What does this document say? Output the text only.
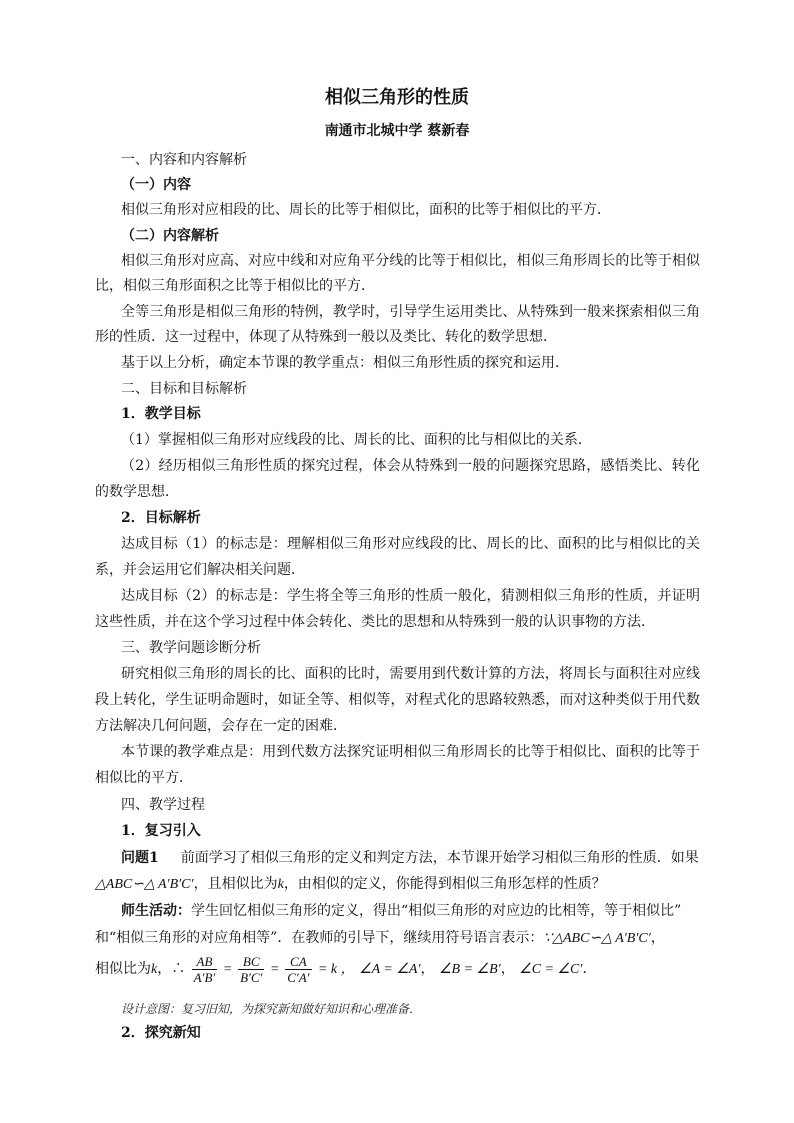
相似三角形的性质
南通市北城中学 蔡新春
一、内容和内容解析
（一）内容
相似三角形对应相段的比、周长的比等于相似比，面积的比等于相似比的平方．
（二）内容解析
相似三角形对应高、对应中线和对应角平分线的比等于相似比，相似三角形周长的比等于相似
比，相似三角形面积之比等于相似比的平方．
全等三角形是相似三角形的特例，教学时，引导学生运用类比、从特殊到一般来探索相似三角
形的性质．这一过程中，体现了从特殊到一般以及类比、转化的数学思想．
基于以上分析，确定本节课的教学重点：相似三角形性质的探究和运用．
二、目标和目标解析
1．教学目标
（1）掌握相似三角形对应线段的比、周长的比、面积的比与相似比的关系．
（2）经历相似三角形性质的探究过程，体会从特殊到一般的问题探究思路，感悟类比、转化
的数学思想．
2．目标解析
达成目标（1）的标志是：理解相似三角形对应线段的比、周长的比、面积的比与相似比的关
系，并会运用它们解决相关问题．
达成目标（2）的标志是：学生将全等三角形的性质一般化，猜测相似三角形的性质，并证明
这些性质，并在这个学习过程中体会转化、类比的思想和从特殊到一般的认识事物的方法．
三、教学问题诊断分析
研究相似三角形的周长的比、面积的比时，需要用到代数计算的方法，将周长与面积往对应线
段上转化，学生证明命题时，如证全等、相似等，对程式化的思路较熟悉，而对这种类似于用代数
方法解决几何问题，会存在一定的困难．
本节课的教学难点是：用到代数方法探究证明相似三角形周长的比等于相似比、面积的比等于
相似比的平方．
四、教学过程
1．复习引入
问题1 前面学习了相似三角形的定义和判定方法，本节课开始学习相似三角形的性质．如果
△ABC∽△ A′B′C′，且相似比为k，由相似的定义，你能得到相似三角形怎样的性质？
师生活动：学生回忆相似三角形的定义，得出“相似三角形的对应边的比相等，等于相似比”
和“相似三角形的对应角相等”．在教师的引导下，继续用符号语言表示：∵△ABC∽△ A′B′C′，
相似比为k，∴ $\frac{AB}{A'B'} = \frac{BC}{B'C'} = \frac{CA}{C'A'} = k$ ， ∠A = ∠A′， ∠B = ∠B′， ∠C = ∠C′．
设计意图：复习旧知，为探究新知做好知识和心理准备．
2．探究新知
